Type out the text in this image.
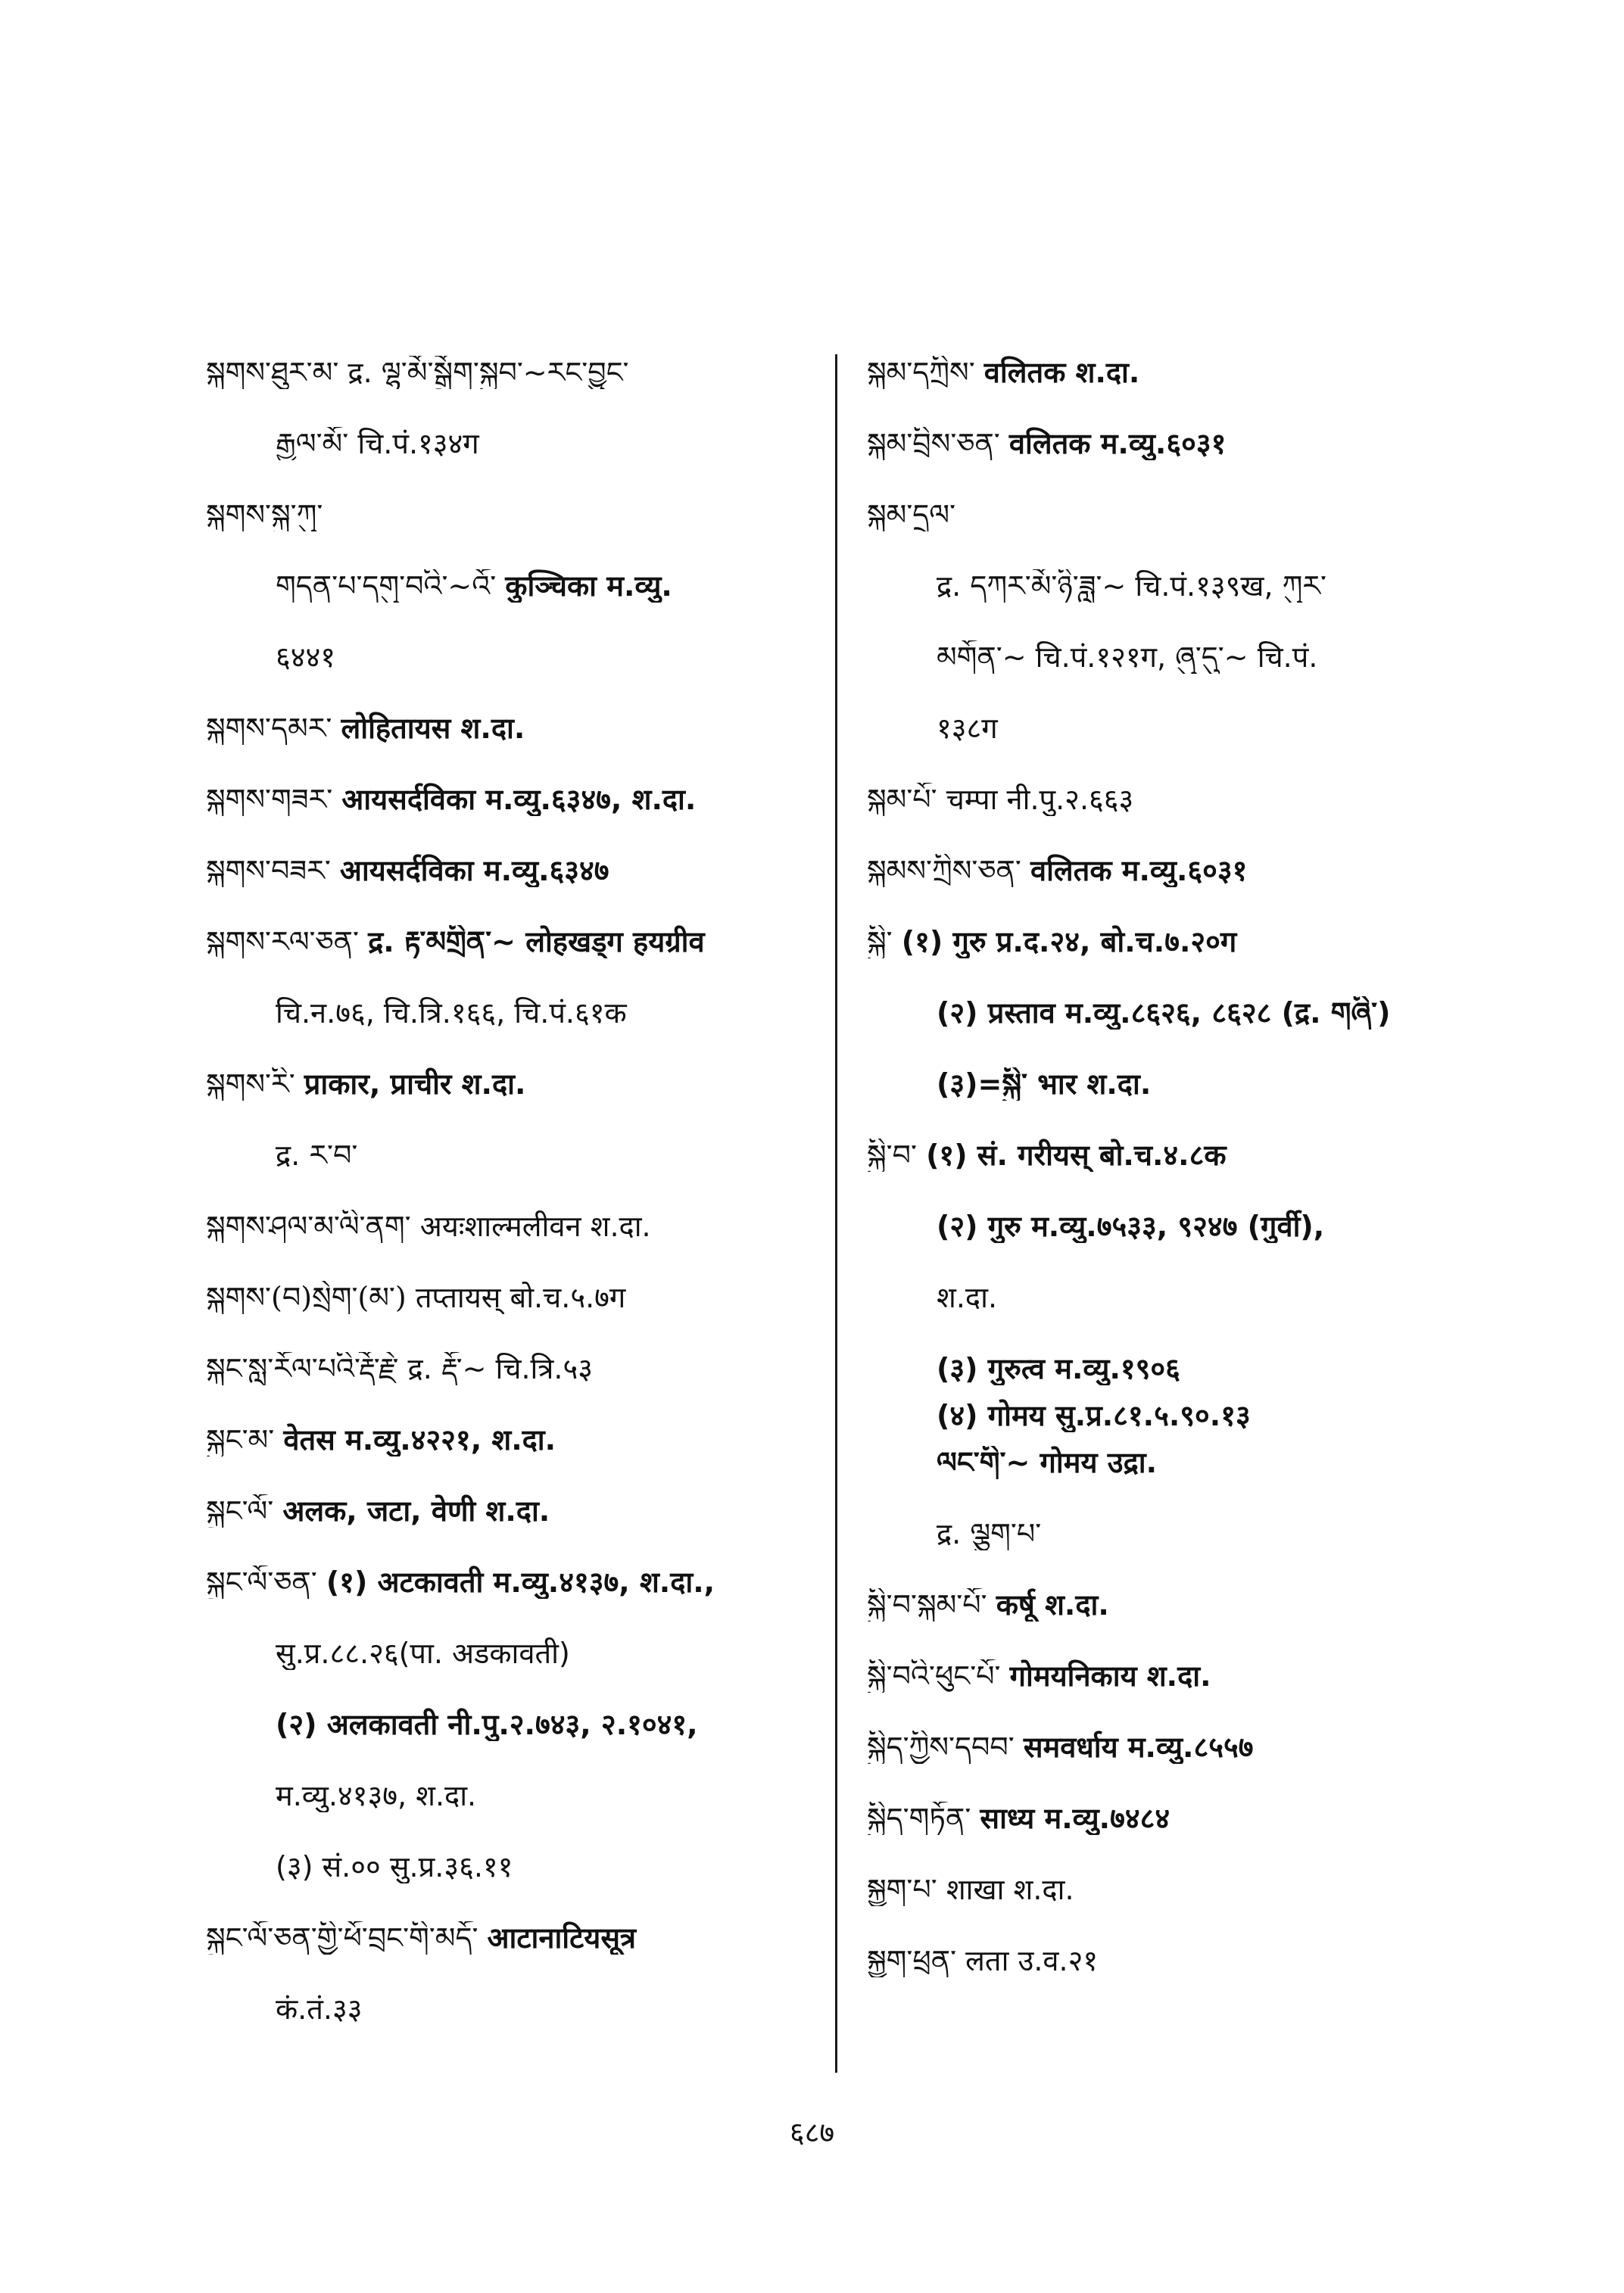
སྐགས་ཐུར་མ་ द्र. ལྷ་མོ་སྒྲོག་སྐྱབ་~རང་བྱུང་
རྒྱལ་མོ་ चि.पं.१३४ग
སྐགས་སྐུ་ཀུ་
གདན་པ་དགུ་བའི་~འོ་ कुञ्चिका म.व्यु.
६४४१
སྐགས་དམར་ लोहितायस श.दा.
སྐགས་གཟར་ आयसर्दविका म.व्यु.६३४७, श.दा.
སྐགས་བཟར་ आयसर्दविका म.व्यु.६३४७
སྐགས་རལ་ཅན་ द्र. རྟ་མགྲིན་~ लोहखड्ग हयग्रीव
चि.न.७६, चि.त्रि.१६६, चि.पं.६१क
སྐགས་རི་ प्राकार, प्राचीर श.दा.
द्र. ར་བ་
སྐགས་ཤལ་མ་ལི་ནག་ अयःशाल्मलीवन श.दा.
སྐགས་(བ)སྲེག་(མ་) तप्तायस् बो.च.५.७ग
སྐང་སླ་རོལ་པའི་རྡོ་རྗེ་ द्र. རྡོ་~ चि.त्रि.५३
སྐྱང་མ་ वेतस म.व्यु.४२२१, श.दा.
སྐྲང་ལོ་ अलक, जटा, वेणी श.दा.
སྐྲང་ལོ་ཅན་ (१) अटकावती म.व्यु.४१३७, श.दा.,
सु.प्र.८८.२६(पा. अडकावती)
(२) अलकावती नी.पु.२.७४३, २.१०४१,
म.व्यु.४१३७, श.दा.
(३) सं.०० सु.प्र.३६.११
སྐྲང་ལོ་ཅན་གྱི་ཕོ་བྲང་གི་མདོ་ आटानाटियसूत्र
कं.तं.३३
སྐམ་དཀྲིས་ वलितक श.दा.
སྐམ་བྲིས་ཅན་ वलितक म.व्यु.६०३१
སྐམ་དྲལ་
द्र. དཀར་མོ་ཉི་ཟླ་~ चि.पं.१३९ख, ཀུར་
མགོན་~ चि.पं.१२१ग, ཞུ་དུ་~ चि.पं.
१३८ग
སྐམ་པོ་ चम्पा नी.पु.२.६६३
སྐམས་ཀྲིས་ཅན་ वलितक म.व्यु.६०३१
སྐྱི་ (१) गुरु प्र.द.२४, बो.च.७.२०ग
(२) प्रस्ताव म.व्यु.८६२६, ८६२८ (द्र. གཞི་)
(३)=སྐྱི་ भार श.दा.
སྐྱི་བ་ (१) सं. गरीयस् बो.च.४.८क
(२) गुरु म.व्यु.७५३३, ९२४७ (गुर्वी),
श.दा.
(३) गुरुत्व म.व्यु.१९०६
(४) गोमय सु.प्र.८१.५.९०.१३
ལང་གི་~ गोमय उद्रा.
द्र. ལྕུག་པ་
སྐྱི་བ་སྐམ་པོ་ कर्षू श.दा.
སྐྱི་བའི་ཕུང་པོ་ गोमयनिकाय श.दा.
སྐྱིད་ཀྱིས་དབབ་ समवर्धाय म.व्यु.८५५७
སྐྱིད་གཏོན་ साध्य म.व्यु.७४८४
སྐྱུག་པ་ शाखा श.दा.
སྐྱུག་ཕྲན་ लता उ.व.२१
६८७
